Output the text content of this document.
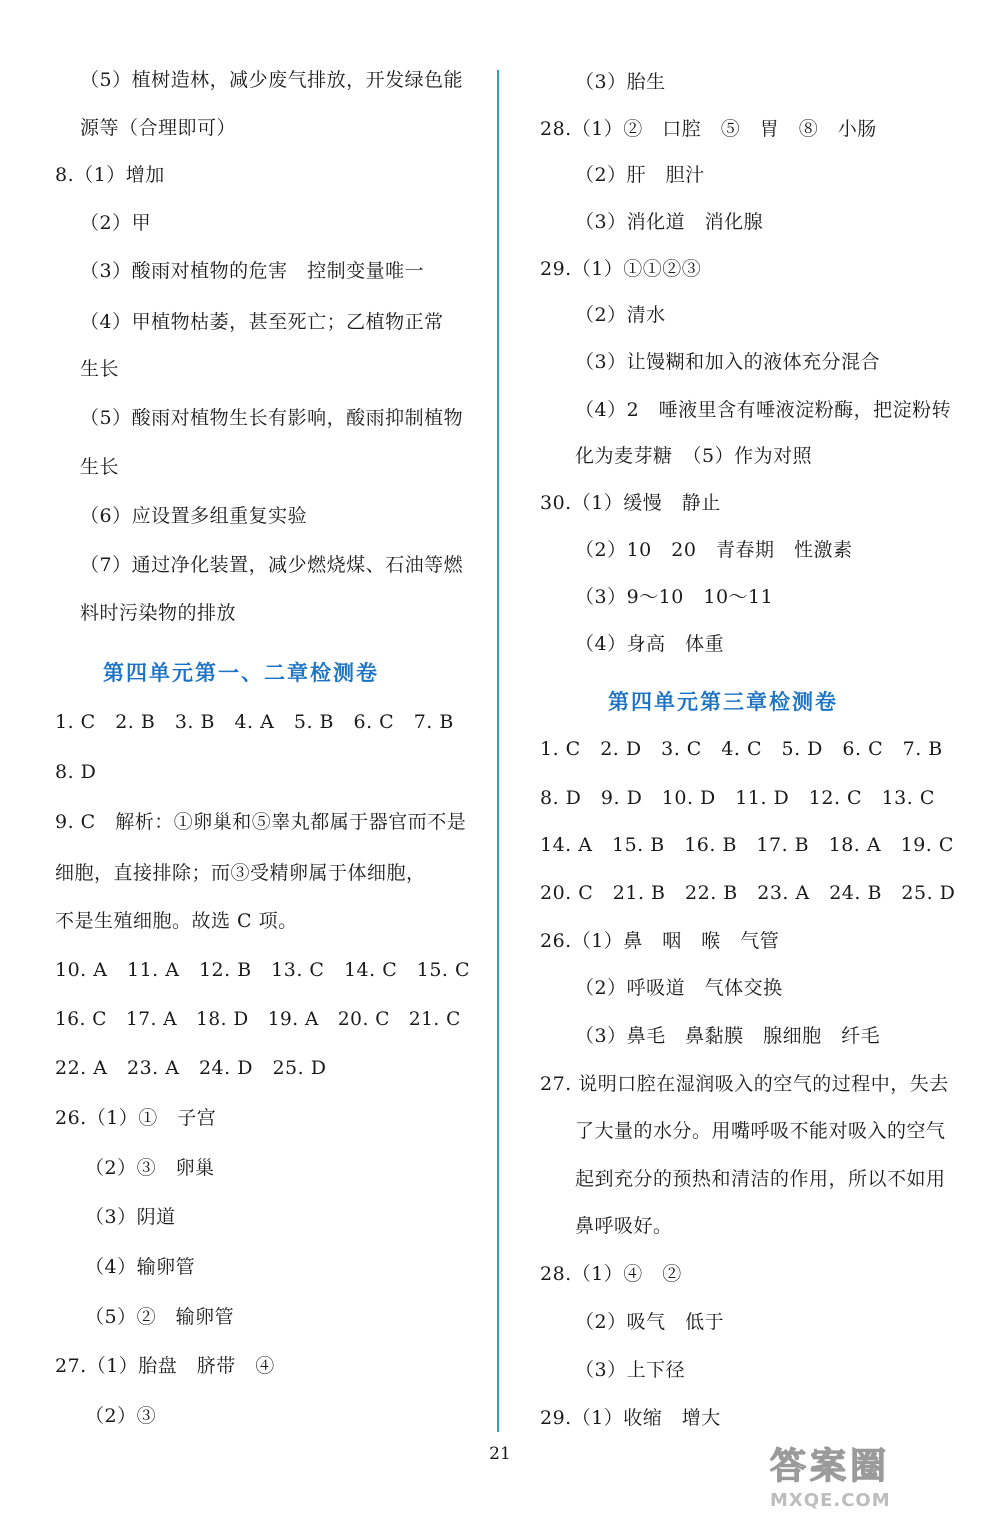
（5）植树造林，减少废气排放，开发绿色能
源等（合理即可）
8.（1）增加
（2）甲
（3）酸雨对植物的危害　控制变量唯一
（4）甲植物枯萎，甚至死亡；乙植物正常
生长
（5）酸雨对植物生长有影响，酸雨抑制植物
生长
（6）应设置多组重复实验
（7）通过净化装置，减少燃烧煤、石油等燃
料时污染物的排放
第四单元第一、二章检测卷
1. C　2. B　3. B　4. A　5. B　6. C　7. B
8. D
9. C　解析：①卵巢和⑤睾丸都属于器官而不是
细胞，直接排除；而③受精卵属于体细胞，
不是生殖细胞。故选 C 项。
10. A　11. A　12. B　13. C　14. C　15. C
16. C　17. A　18. D　19. A　20. C　21. C
22. A　23. A　24. D　25. D
26.（1）①　子宫
（2）③　卵巢
（3）阴道
（4）输卵管
（5）②　输卵管
27.（1）胎盘　脐带　④
（2）③
（3）胎生
28.（1）②　口腔　⑤　胃　⑧　小肠
（2）肝　胆汁
（3）消化道　消化腺
29.（1）①①②③
（2）清水
（3）让馒糊和加入的液体充分混合
（4）2　唾液里含有唾液淀粉酶，把淀粉转
化为麦芽糖　（5）作为对照
30.（1）缓慢　静止
（2）10　20　青春期　性激素
（3）9～10　10～11
（4）身高　体重
第四单元第三章检测卷
1. C　2. D　3. C　4. C　5. D　6. C　7. B
8. D　9. D　10. D　11. D　12. C　13. C
14. A　15. B　16. B　17. B　18. A　19. C
20. C　21. B　22. B　23. A　24. B　25. D
26.（1）鼻　咽　喉　气管
（2）呼吸道　气体交换
（3）鼻毛　鼻黏膜　腺细胞　纤毛
27. 说明口腔在湿润吸入的空气的过程中，失去
了大量的水分。用嘴呼吸不能对吸入的空气
起到充分的预热和清洁的作用，所以不如用
鼻呼吸好。
28.（1）④　②
（2）吸气　低于
（3）上下径
29.（1）收缩　增大
21	答案圈
MXQE.COM
